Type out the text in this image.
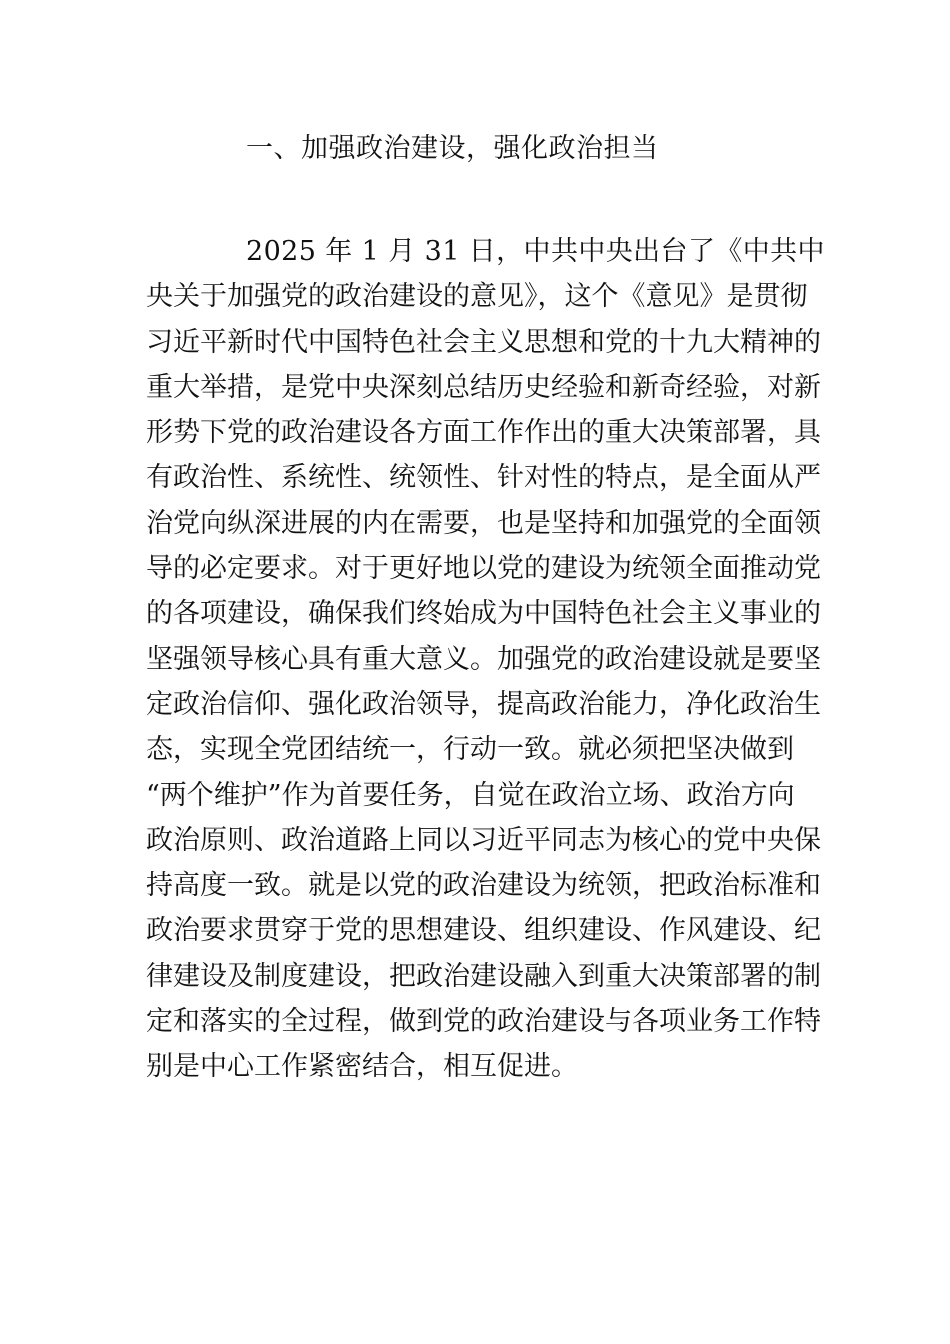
一、加强政治建设，强化政治担当
2025 年 1 月 31 日，中共中央出台了《中共中
央关于加强党的政治建设的意见》，这个《意见》是贯彻
习近平新时代中国特色社会主义思想和党的十九大精神的
重大举措，是党中央深刻总结历史经验和新奇经验，对新
形势下党的政治建设各方面工作作出的重大决策部署，具
有政治性、系统性、统领性、针对性的特点，是全面从严
治党向纵深进展的内在需要，也是坚持和加强党的全面领
导的必定要求。对于更好地以党的建设为统领全面推动党
的各项建设，确保我们终始成为中国特色社会主义事业的
坚强领导核心具有重大意义。加强党的政治建设就是要坚
定政治信仰、强化政治领导，提高政治能力，净化政治生
态，实现全党团结统一，行动一致。就必须把坚决做到
“两个维护”作为首要任务，自觉在政治立场、政治方向
政治原则、政治道路上同以习近平同志为核心的党中央保
持高度一致。就是以党的政治建设为统领，把政治标准和
政治要求贯穿于党的思想建设、组织建设、作风建设、纪
律建设及制度建设，把政治建设融入到重大决策部署的制
定和落实的全过程，做到党的政治建设与各项业务工作特
别是中心工作紧密结合，相互促进。
